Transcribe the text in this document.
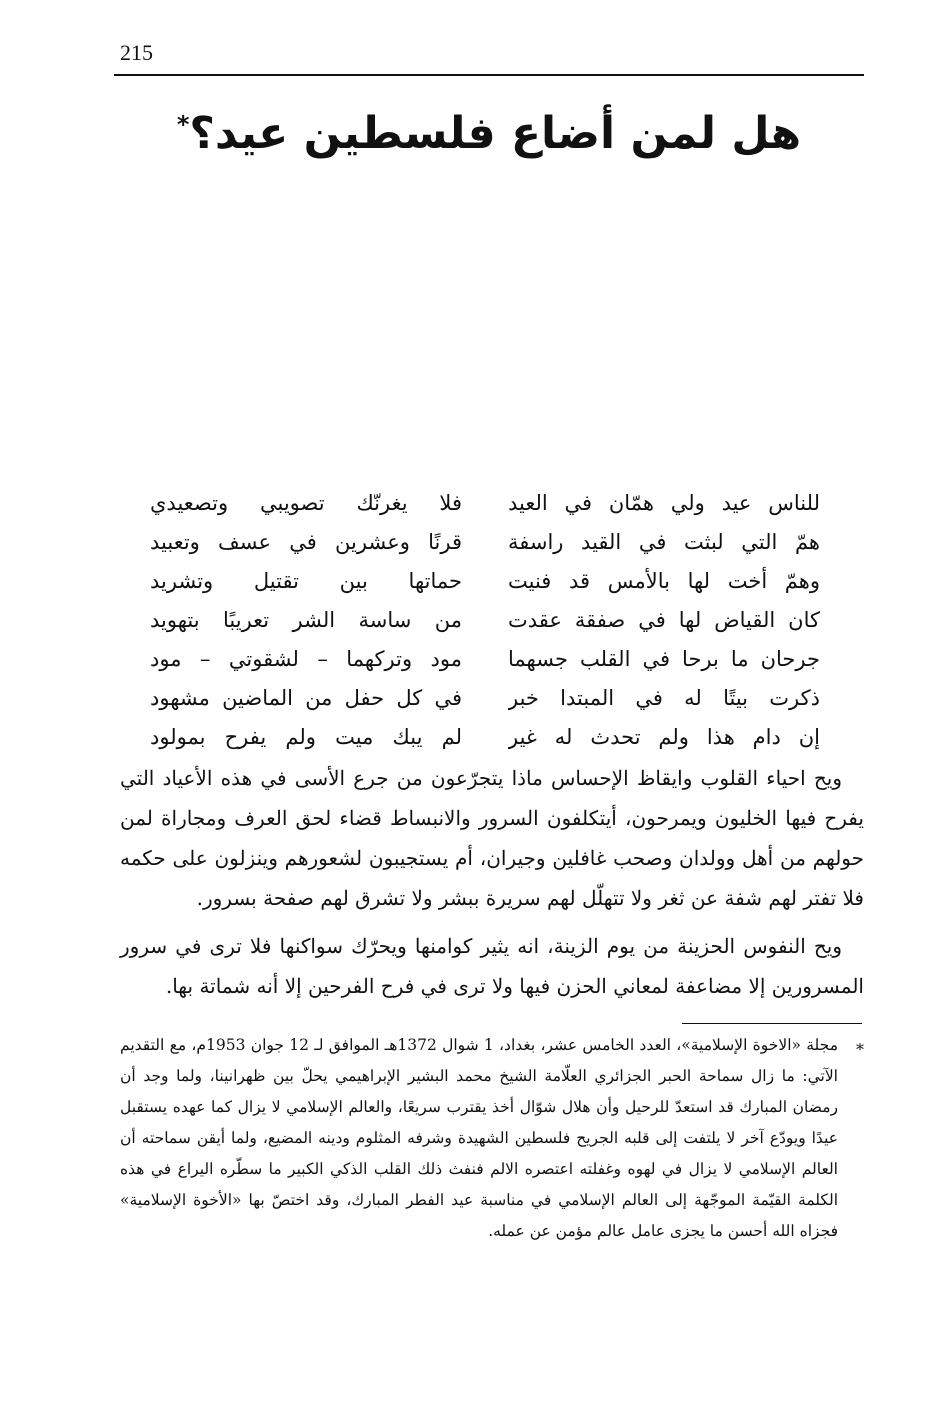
215
هل لمن أضاع فلسطين عيد؟*
للناس عيد ولي همّان في العيد
فلا يغرنّك تصويبي وتصعيدي
همّ التي لبثت في القيد راسفة
قرنًا وعشرين في عسف وتعبيد
وهمّ أخت لها بالأمس قد فنيت
حماتها بين تقتيل وتشريد
كان القياض لها في صفقة عقدت
من ساسة الشر تعريبًا بتهويد
جرحان ما برحا في القلب جسهما
مود وتركهما – لشقوتي – مود
ذكرت بيتًا له في المبتدا خبر
في كل حفل من الماضين مشهود
إن دام هذا ولم تحدث له غير
لم يبك ميت ولم يفرح بمولود

ويح احياء القلوب وايقاظ الإحساس ماذا يتجرّعون من جرع الأسى في هذه الأعياد التي يفرح فيها الخليون ويمرحون، أيتكلفون السرور والانبساط قضاء لحق العرف ومجاراة لمن حولهم من أهل وولدان وصحب غافلين وجيران، أم يستجيبون لشعورهم وينزلون على حكمه فلا تفتر لهم شفة عن ثغر ولا تتهلّل لهم سريرة ببشر ولا تشرق لهم صفحة بسرور.

ويح النفوس الحزينة من يوم الزينة، انه يثير كوامنها ويحرّك سواكنها فلا ترى في سرور المسرورين إلا مضاعفة لمعاني الحزن فيها ولا ترى في فرح الفرحين إلا أنه شماتة بها.

*

مجلة «الاخوة الإسلامية»، العدد الخامس عشر، بغداد، 1 شوال 1372هـ الموافق لـ 12 جوان 1953م، مع التقديم الآتي: ما زال سماحة الحبر الجزائري العلّامة الشيخ محمد البشير الإبراهيمي يحلّ بين ظهرانينا، ولما وجد أن رمضان المبارك قد استعدّ للرحيل وأن هلال شوّال أخذ يقترب سريعًا، والعالم الإسلامي لا يزال كما عهده يستقبل عيدًا ويودّع آخر لا يلتفت إلى قلبه الجريح فلسطين الشهيدة وشرفه المثلوم ودينه المضيع، ولما أيقن سماحته أن العالم الإسلامي لا يزال في لهوه وغفلته اعتصره الالم فنفث ذلك القلب الذكي الكبير ما سطّره اليراع في هذه الكلمة القيّمة الموجّهة إلى العالم الإسلامي في مناسبة عيد الفطر المبارك، وقد اختصّ بها «الأخوة الإسلامية» فجزاه الله أحسن ما يجزى عامل عالم مؤمن عن عمله.
